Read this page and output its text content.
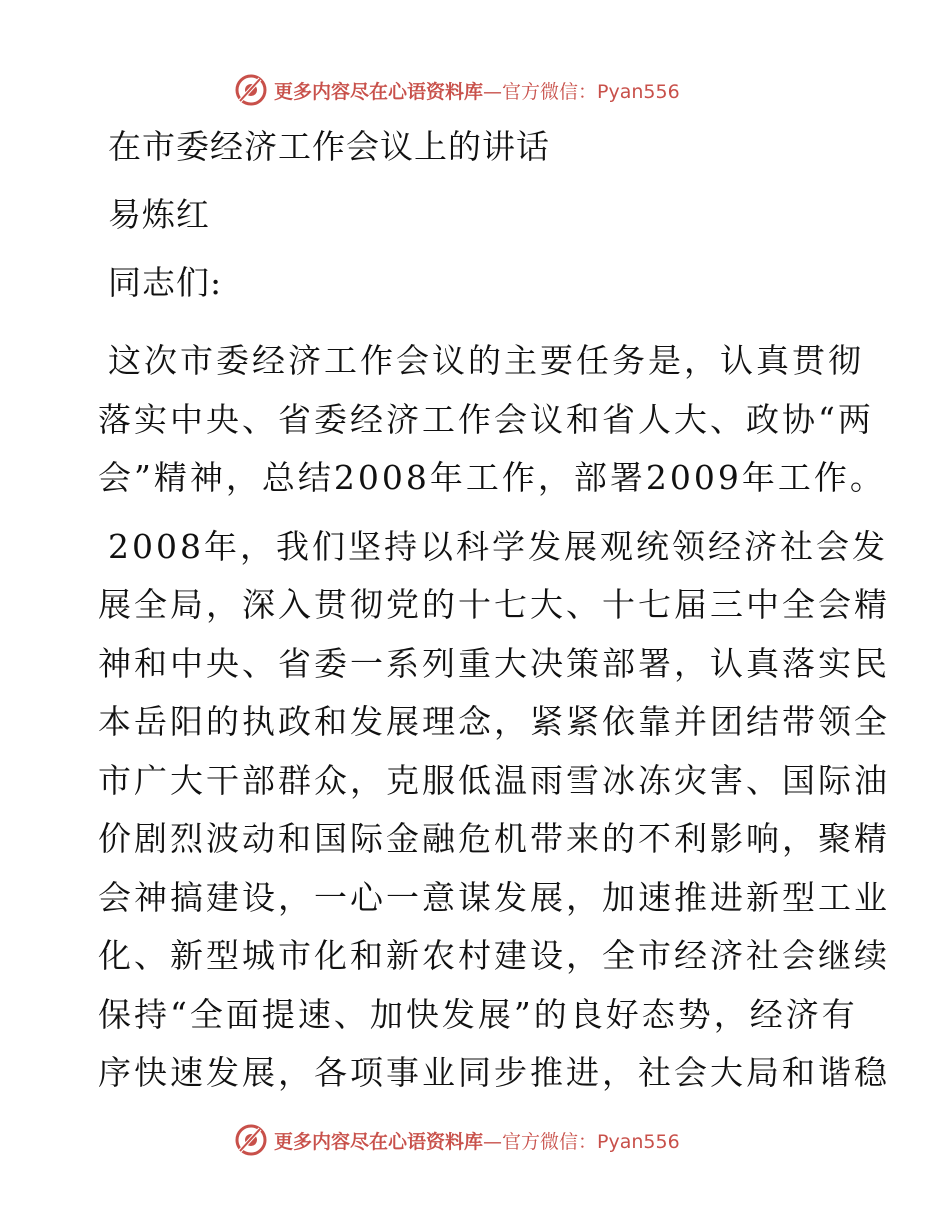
更多内容尽在心语资料库—官方微信：Pyan556
在市委经济工作会议上的讲话
易炼红
同志们:
这次市委经济工作会议的主要任务是，认真贯彻
落实中央、省委经济工作会议和省人大、政协“两
会”精神，总结2008年工作，部署2009年工作。
2008年，我们坚持以科学发展观统领经济社会发
展全局，深入贯彻党的十七大、十七届三中全会精
神和中央、省委一系列重大决策部署，认真落实民
本岳阳的执政和发展理念，紧紧依靠并团结带领全
市广大干部群众，克服低温雨雪冰冻灾害、国际油
价剧烈波动和国际金融危机带来的不利影响，聚精
会神搞建设，一心一意谋发展，加速推进新型工业
化、新型城市化和新农村建设，全市经济社会继续
保持“全面提速、加快发展”的良好态势，经济有
序快速发展，各项事业同步推进，社会大局和谐稳
更多内容尽在心语资料库—官方微信：Pyan556
